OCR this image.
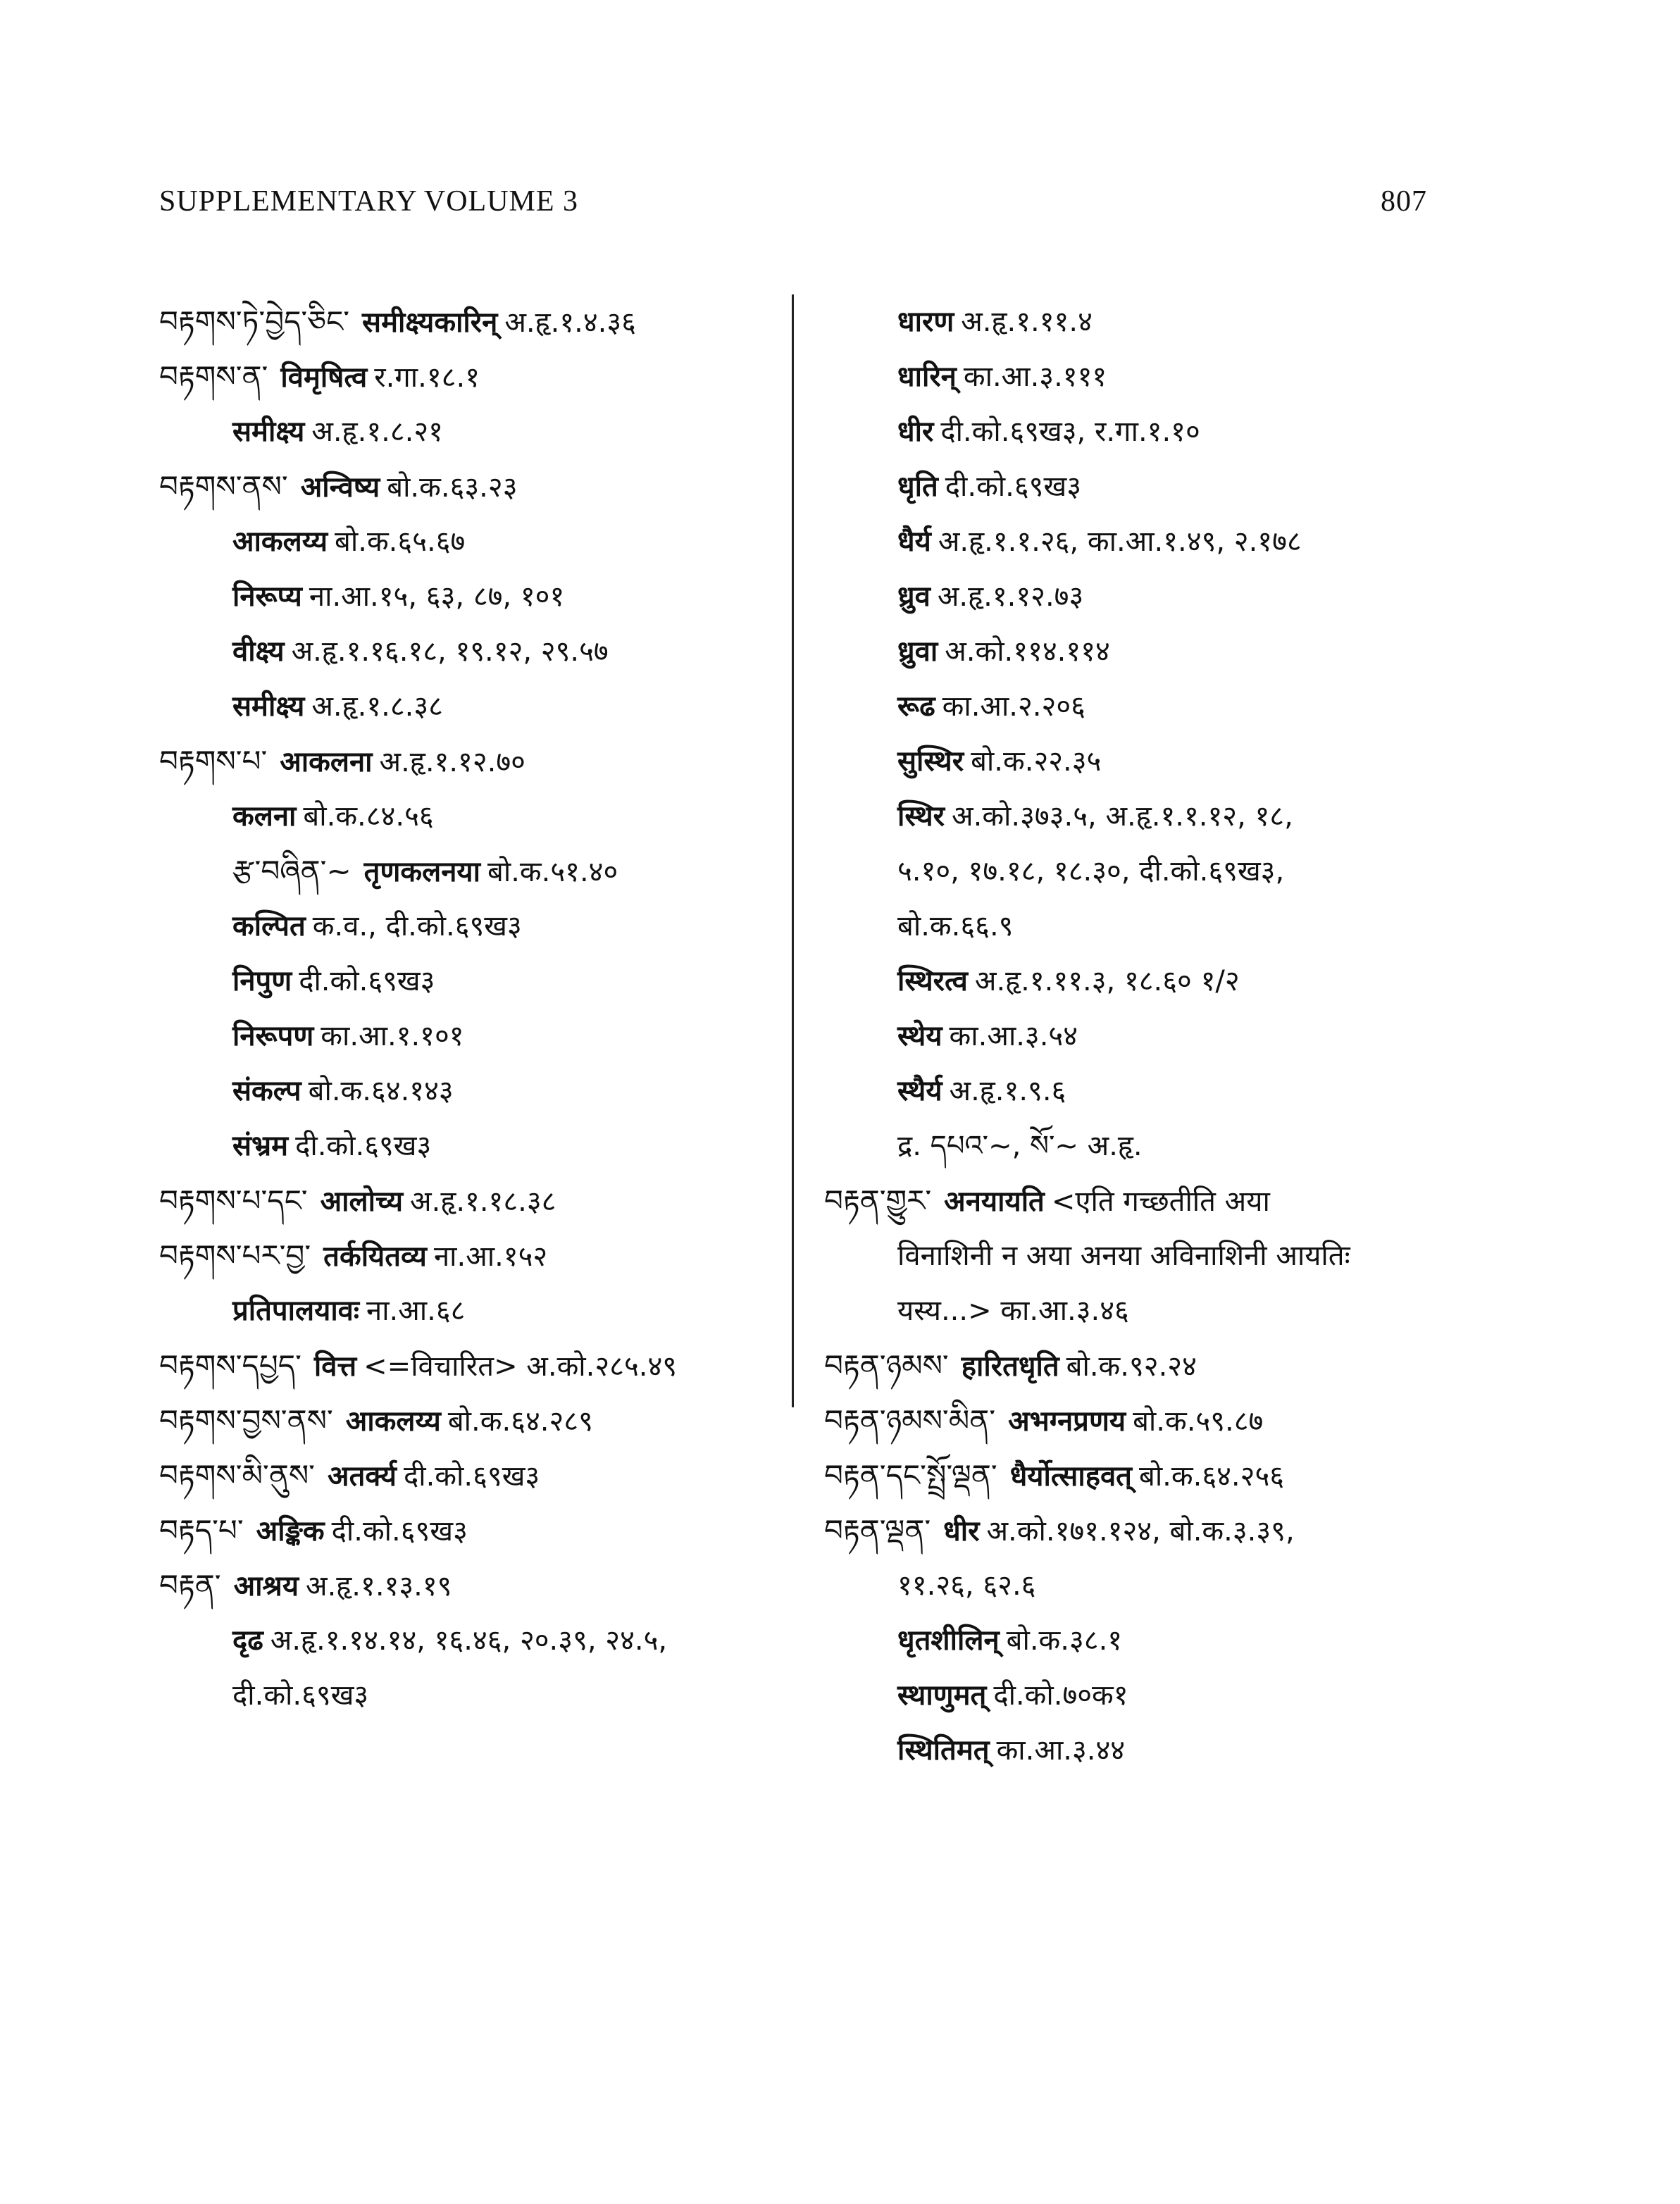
SUPPLEMENTARY VOLUME 3	807
བརྟགས་ཏེ་བྱེད་ཅིང་ समीक्ष्यकारिन् अ.हृ.१.४.३६
བརྟགས་ན་ विमृषित्व र.गा.१८.१
समीक्ष्य अ.हृ.१.८.२१
བརྟགས་ནས་ अन्विष्य बो.क.६३.२३
आकलय्य बो.क.६५.६७
निरूप्य ना.आ.१५, ६३, ८७, १०१
वीक्ष्य अ.हृ.१.१६.१८, १९.१२, २९.५७
समीक्ष्य अ.हृ.१.८.३८
བརྟགས་པ་ आकलना अ.हृ.१.१२.७०
कलना बो.क.८४.५६
རྩ་བཞིན་~ तृणकलनया बो.क.५१.४०
कल्पित क.व., दी.को.६९ख३
निपुण दी.को.६९ख३
निरूपण का.आ.१.१०१
संकल्प बो.क.६४.१४३
संभ्रम दी.को.६९ख३
བརྟགས་པ་དང་ आलोच्य अ.हृ.१.१८.३८
བརྟགས་པར་བྱ་ तर्कयितव्य ना.आ.१५२
प्रतिपालयावः ना.आ.६८
བརྟགས་དཔྱད་ वित्त <=विचारित> अ.को.२८५.४९
བརྟགས་བྱས་ནས་ आकलय्य बो.क.६४.२८९
བརྟགས་མི་ནུས་ अतर्क्य दी.को.६९ख३
བརྟད་པ་ अङ्किक दी.को.६९ख३
བརྟན་ आश्रय अ.हृ.१.१३.१९
दृढ अ.हृ.१.१४.१४, १६.४६, २०.३९, २४.५,
दी.को.६९ख३
धारण अ.हृ.१.११.४
धारिन् का.आ.३.१११
धीर दी.को.६९ख३, र.गा.१.१०
धृति दी.को.६९ख३
धैर्य अ.हृ.१.१.२६, का.आ.१.४९, २.१७८
ध्रुव अ.हृ.१.१२.७३
ध्रुवा अ.को.११४.११४
रूढ का.आ.२.२०६
सुस्थिर बो.क.२२.३५
स्थिर अ.को.३७३.५, अ.हृ.१.१.१२, १८,
५.१०, १७.१८, १८.३०, दी.को.६९ख३,
बो.क.६६.९
स्थिरत्व अ.हृ.१.११.३, १८.६० १/२
स्थेय का.आ.३.५४
स्थैर्य अ.हृ.१.९.६
द्र. དཔའ་~, སོ་~ अ.हृ.
བརྟན་གྱུར་ अनयायति <एति गच्छतीति अया
विनाशिनी न अया अनया अविनाशिनी आयतिः
यस्य...> का.आ.३.४६
བརྟན་ཉམས་ हारितधृति बो.क.९२.२४
བརྟན་ཉམས་མིན་ अभग्नप्रणय बो.क.५९.८७
བརྟན་དང་སྤྲོ་ལྡན་ धैर्योत्साहवत् बो.क.६४.२५६
བརྟན་ལྡན་ धीर अ.को.१७१.१२४, बो.क.३.३९,
११.२६, ६२.६
धृतशीलिन् बो.क.३८.१
स्थाणुमत् दी.को.७०क१
स्थितिमत् का.आ.३.४४
